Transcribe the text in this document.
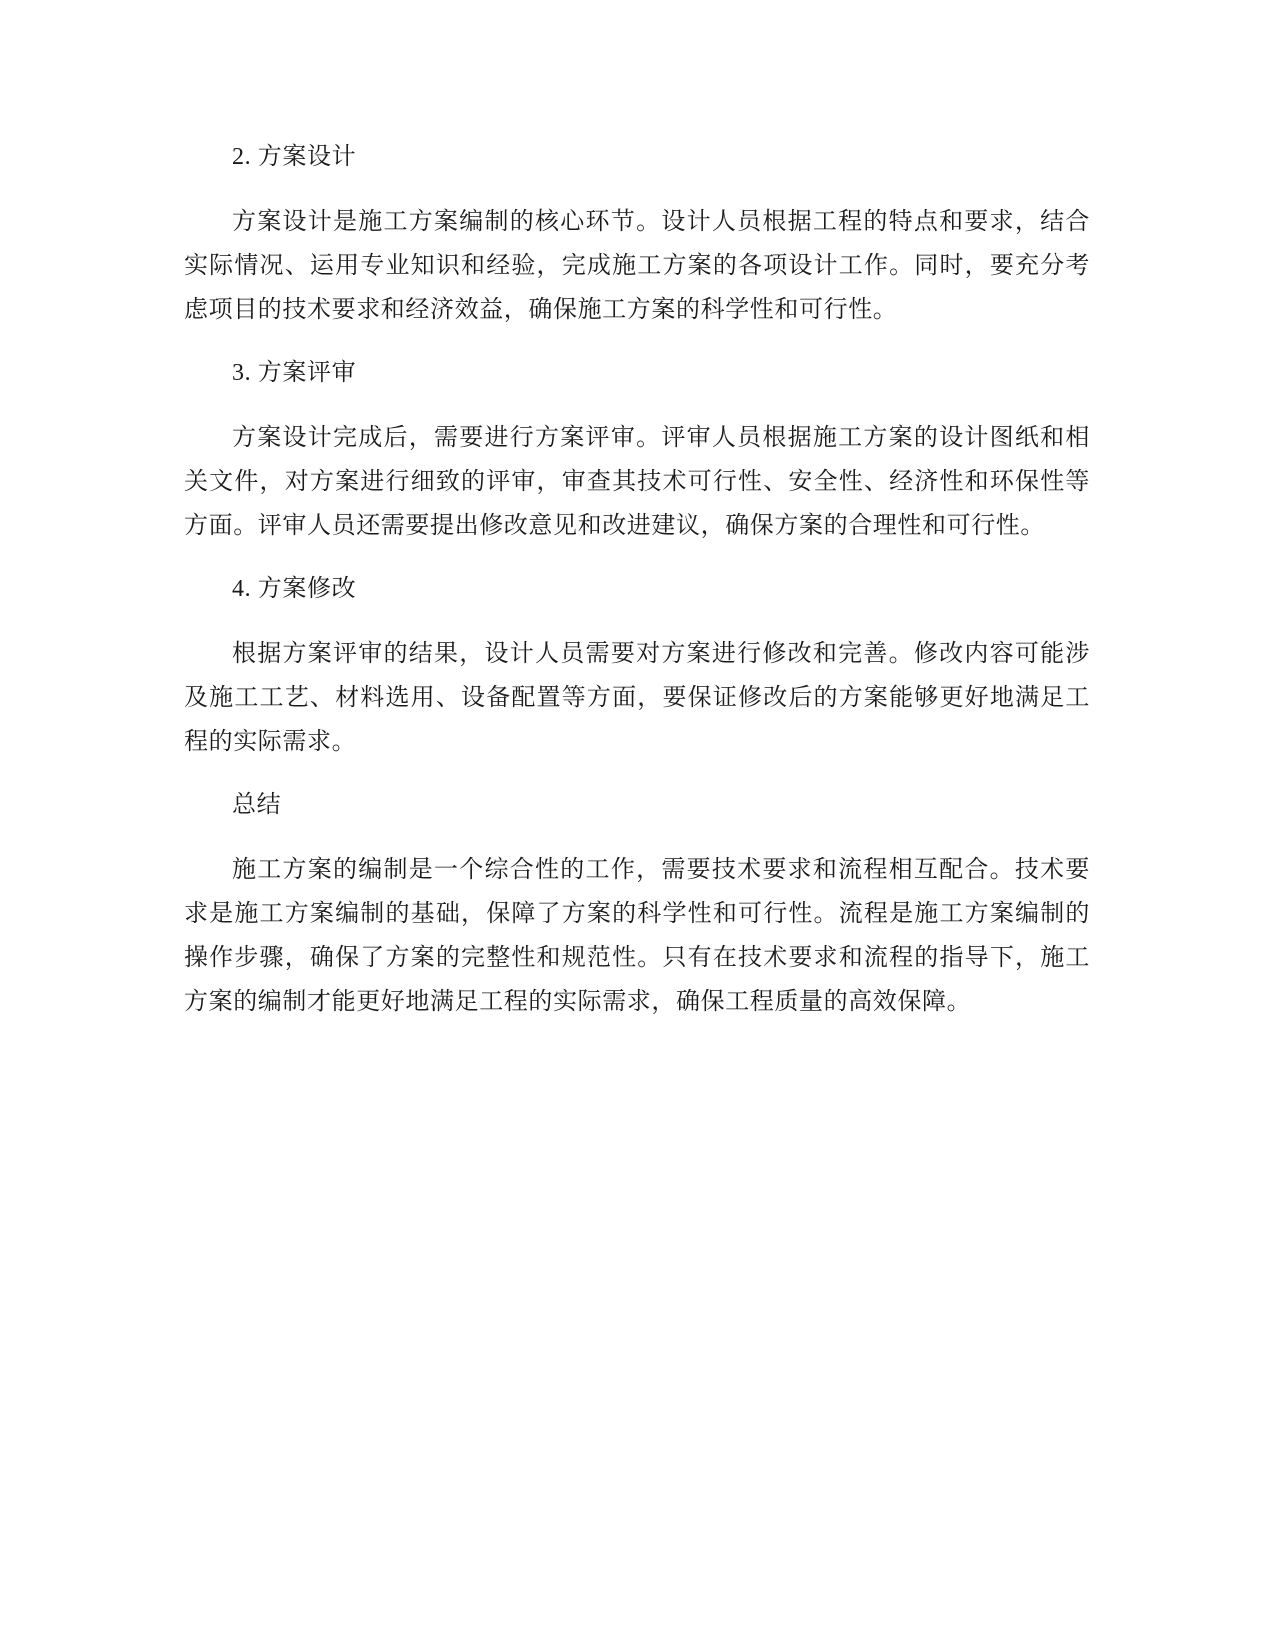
2. 方案设计

方案设计是施工方案编制的核心环节。设计人员根据工程的特点和要求，结合实际情况、运用专业知识和经验，完成施工方案的各项设计工作。同时，要充分考虑项目的技术要求和经济效益，确保施工方案的科学性和可行性。

3. 方案评审

方案设计完成后，需要进行方案评审。评审人员根据施工方案的设计图纸和相关文件，对方案进行细致的评审，审查其技术可行性、安全性、经济性和环保性等方面。评审人员还需要提出修改意见和改进建议，确保方案的合理性和可行性。

4. 方案修改

根据方案评审的结果，设计人员需要对方案进行修改和完善。修改内容可能涉及施工工艺、材料选用、设备配置等方面，要保证修改后的方案能够更好地满足工程的实际需求。

总结

施工方案的编制是一个综合性的工作，需要技术要求和流程相互配合。技术要求是施工方案编制的基础，保障了方案的科学性和可行性。流程是施工方案编制的操作步骤，确保了方案的完整性和规范性。只有在技术要求和流程的指导下，施工方案的编制才能更好地满足工程的实际需求，确保工程质量的高效保障。
